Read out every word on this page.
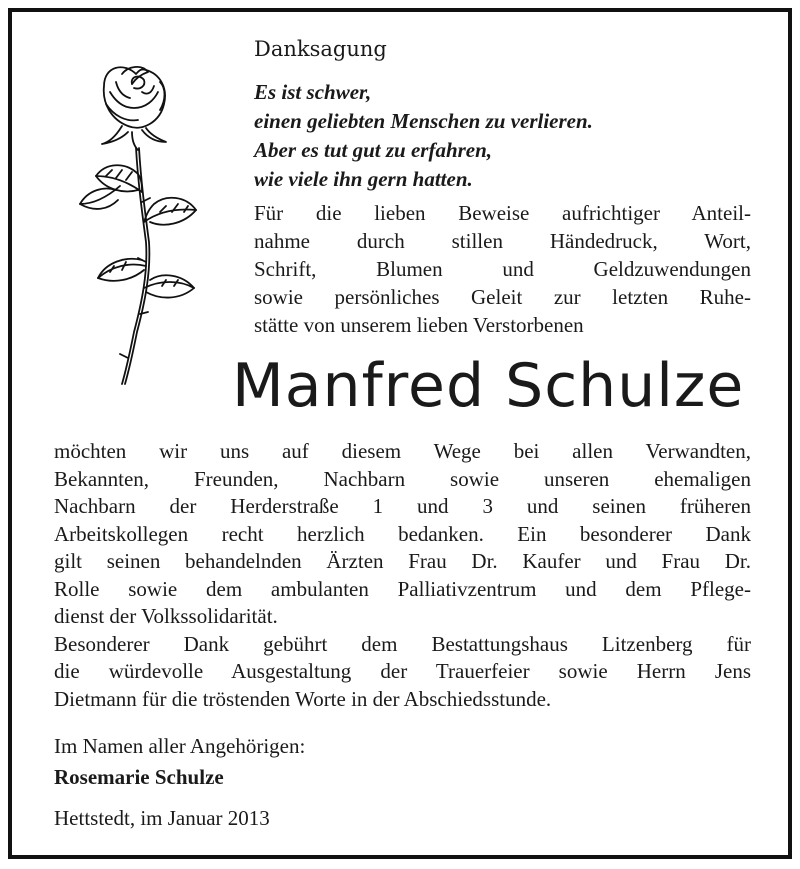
Danksagung
Es ist schwer,
einen geliebten Menschen zu verlieren.
Aber es tut gut zu erfahren,
wie viele ihn gern hatten.
Für die lieben Beweise aufrichtiger Anteil-
nahme durch stillen Händedruck, Wort,
Schrift, Blumen und Geldzuwendungen
sowie persönliches Geleit zur letzten Ruhe-
stätte von unserem lieben Verstorbenen
Manfred Schulze
möchten wir uns auf diesem Wege bei allen Verwandten,
Bekannten, Freunden, Nachbarn sowie unseren ehemaligen
Nachbarn der Herderstraße 1 und 3 und seinen früheren
Arbeitskollegen recht herzlich bedanken. Ein besonderer Dank
gilt seinen behandelnden Ärzten Frau Dr. Kaufer und Frau Dr.
Rolle sowie dem ambulanten Palliativzentrum und dem Pflege-
dienst der Volkssolidarität.
Besonderer Dank gebührt dem Bestattungshaus Litzenberg für
die würdevolle Ausgestaltung der Trauerfeier sowie Herrn Jens
Dietmann für die tröstenden Worte in der Abschiedsstunde.
Im Namen aller Angehörigen:
Rosemarie Schulze
Hettstedt, im Januar 2013
